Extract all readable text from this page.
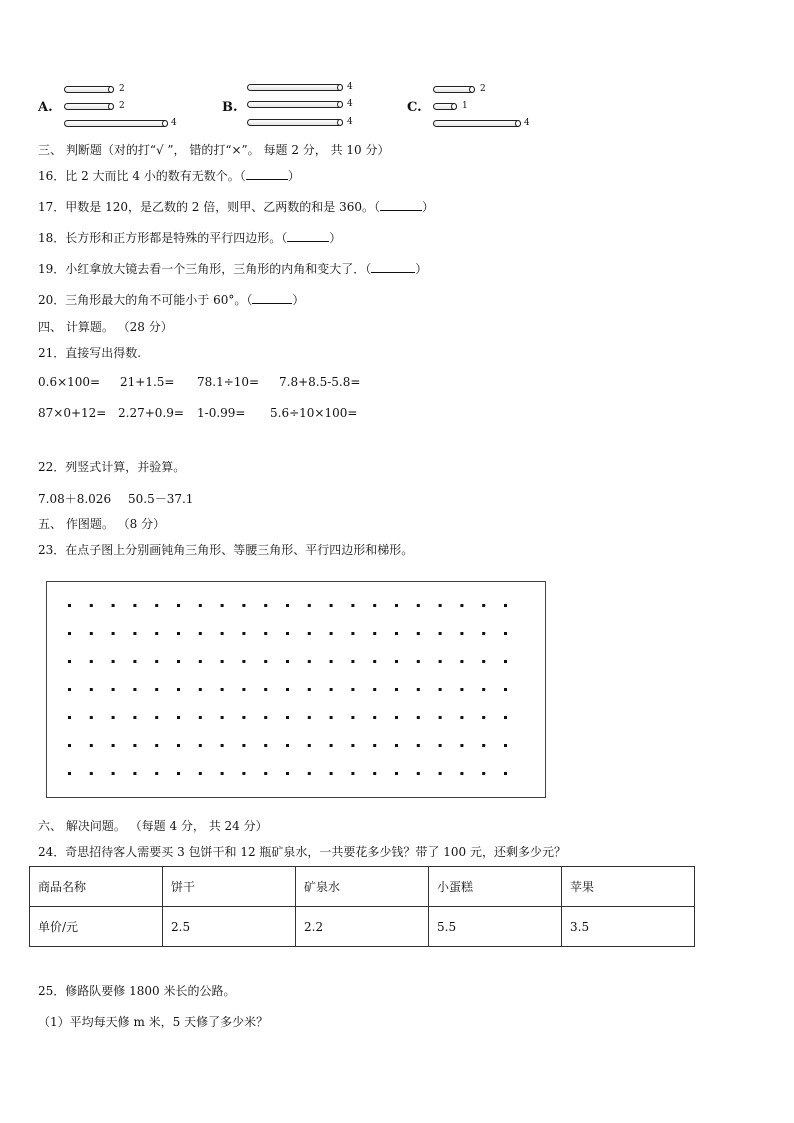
A.
2
2
4
B.
4
4
4
C.
2
1
4
三、 判断题（对的打“√ ”， 错的打“×”。 每题 2 分， 共 10 分）
16．比 2 大而比 4 小的数有无数个。（	）
17．甲数是 120，是乙数的 2 倍，则甲、乙两数的和是 360。（	）
18．长方形和正方形都是特殊的平行四边形。（	）
19．小红拿放大镜去看一个三角形，三角形的内角和变大了．（	）
20．三角形最大的角不可能小于 60°。（	）
四、 计算题。 （28 分）
21．直接写出得数.
0.6×100= 21+1.5= 78.1÷10= 7.8+8.5-5.8=
87×0+12= 2.27+0.9= 1-0.99= 5.6÷10×100=
22．列竖式计算，并验算。
7.08＋8.026 50.5－37.1
五、 作图题。 （8 分）
23．在点子图上分别画钝角三角形、等腰三角形、平行四边形和梯形。
六、 解决问题。 （每题 4 分， 共 24 分）
24．奇思招待客人需要买 3 包饼干和 12 瓶矿泉水，一共要花多少钱？带了 100 元，还剩多少元？
商品名称	饼干	矿泉水	小蛋糕	苹果
单价/元	2.5	2.2	5.5	3.5
25．修路队要修 1800 米长的公路。
（1）平均每天修 m 米，5 天修了多少米？
